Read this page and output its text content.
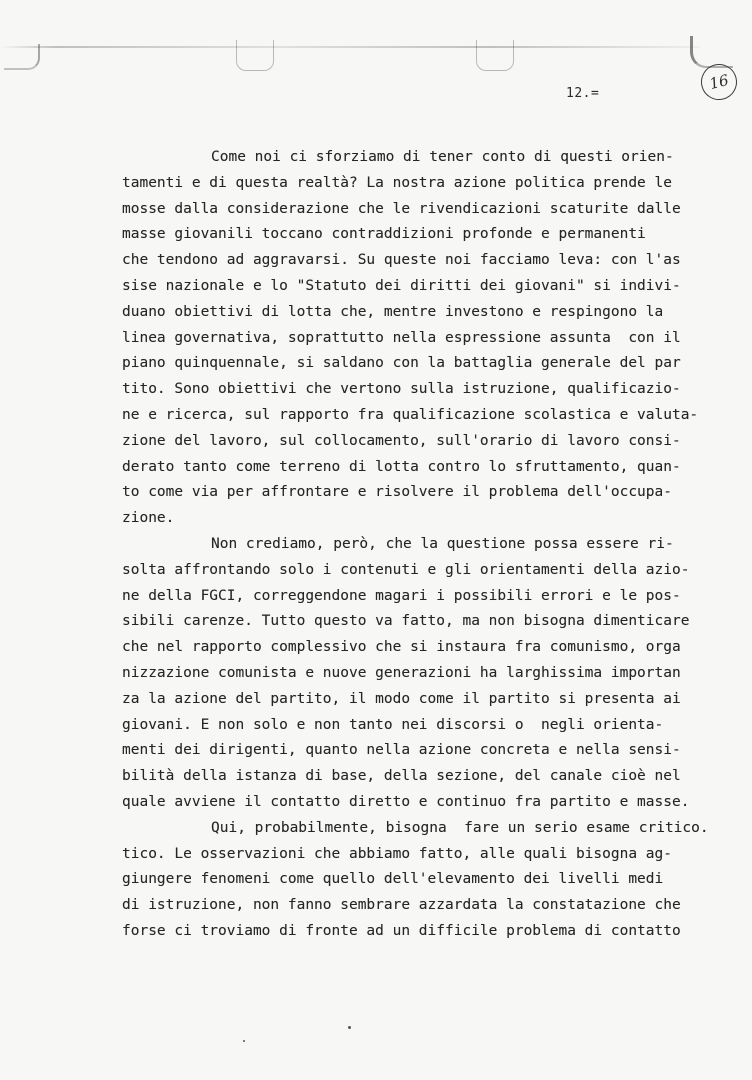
12.=
16
Come noi ci sforziamo di tener conto di questi orien-
tamenti e di questa realtà? La nostra azione politica prende le
mosse dalla considerazione che le rivendicazioni scaturite dalle
masse giovanili toccano contraddizioni profonde e permanenti
che tendono ad aggravarsi. Su queste noi facciamo leva: con l'as
sise nazionale e lo "Statuto dei diritti dei giovani" si indivi-
duano obiettivi di lotta che, mentre investono e respingono la
linea governativa, soprattutto nella espressione assunta  con il
piano quinquennale, si saldano con la battaglia generale del par
tito. Sono obiettivi che vertono sulla istruzione, qualificazio-
ne e ricerca, sul rapporto fra qualificazione scolastica e valuta-
zione del lavoro, sul collocamento, sull'orario di lavoro consi-
derato tanto come terreno di lotta contro lo sfruttamento, quan-
to come via per affrontare e risolvere il problema dell'occupa-
zione.
Non crediamo, però, che la questione possa essere ri-
solta affrontando solo i contenuti e gli orientamenti della azio-
ne della FGCI, correggendone magari i possibili errori e le pos-
sibili carenze. Tutto questo va fatto, ma non bisogna dimenticare
che nel rapporto complessivo che si instaura fra comunismo, orga
nizzazione comunista e nuove generazioni ha larghissima importan
za la azione del partito, il modo come il partito si presenta ai
giovani. E non solo e non tanto nei discorsi o  negli orienta-
menti dei dirigenti, quanto nella azione concreta e nella sensi-
bilità della istanza di base, della sezione, del canale cioè nel
quale avviene il contatto diretto e continuo fra partito e masse.
Qui, probabilmente, bisogna  fare un serio esame critico.
tico. Le osservazioni che abbiamo fatto, alle quali bisogna ag-
giungere fenomeni come quello dell'elevamento dei livelli medi
di istruzione, non fanno sembrare azzardata la constatazione che
forse ci troviamo di fronte ad un difficile problema di contatto
